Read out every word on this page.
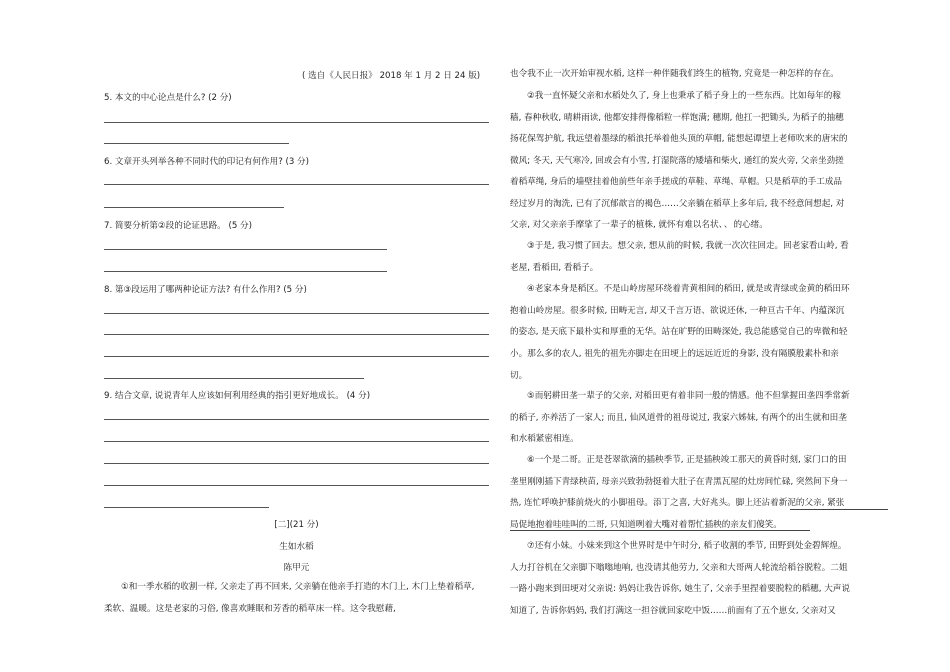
( 选自《人民日报》 2018 年 1 月 2 日 24 版)
5. 本文的中心论点是什么? (2 分)
6. 文章开头列举各种不同时代的印记有何作用? (3 分)
7. 简要分析第②段的论证思路。 (5 分)
8. 第③段运用了哪两种论证方法? 有什么作用? (5 分)
9. 结合文章, 说说青年人应该如何利用经典的指引更好地成长。 (4 分)
[二](21 分)
生如水稻
陈甲元
①和一季水稻的收割一样, 父亲走了再不回来, 父亲躺在他亲手打造的木门上, 木门上垫着稻草, 柔软、温暖。这是老家的习俗, 像喜欢睡眠和芳香的稻草床一样。这令我慰藉,
也令我不止一次开始审视水稻, 这样一种伴随我们终生的植物, 究竟是一种怎样的存在。
②我一直怀疑父亲和水稻处久了, 身上也秉承了稻子身上的一些东西。比如每年的稼穑, 春种秋收, 晴耕雨读, 他都安排得像稻粒一样饱满; 穗期, 他扛一把锄头, 为稻子的抽穗扬花保驾护航, 我远望着墨绿的稻浪托举着他头顶的草帽, 能想起谭望上老师吹来的唐宋的微风; 冬天, 天气寒冷, 回或会有小雪, 打湿院落的矮墙和柴火, 通红的炭火旁, 父亲坐劲搓着稻草绳, 身后的墙壁挂着他前些年亲手搓成的草鞋、草绳、草帽。只是稻草的手工成品经过岁月的淘洗, 已有了沉郁歆言的褐色……父亲躺在稻草上多年后, 我不经意间想起, 对父亲, 对父亲亲手摩挲了一辈子的植株, 就怀有难以名状、、的心绪。
③于是, 我习惯了回去。想父亲, 想从前的时候, 我就一次次往回走。回老家看山岭, 看老屋, 看稻田, 看稻子。
④老家本身是稻区。不是山岭房屋环绕着青黄相间的稻田, 就是或青绿或金黄的稻田环抱着山岭房屋。很多时候, 田畴无言, 却又千言万语、欲说还休, 一种亘古千年、内蕴深沉的姿态, 是天底下最朴实和厚重的无华。站在旷野的田畴深处, 我总能感觉自己的卑微和轻小。那么多的农人, 祖先的祖先亦脚走在田埂上的远远近近的身影, 没有隔膜般素朴和亲切。
⑤而躬耕田垄一辈子的父亲, 对稻田更有着非同一般的情感。他不但掌握田垄四季常新的稻子, 亦养活了一家人; 而且, 仙风道骨的祖母说过, 我家六姊妹, 有两个的出生就和田垄和水稻紧密相连。
⑥一个是二哥。正是苍翠欲滴的插秧季节, 正是插秧竣工那天的黄昏时刻, 家门口的田垄里刚刚插下青绿秧苗, 母亲兴致勃勃挺着大肚子在青黑瓦屋的灶房间忙碌, 突然间下身一热, 连忙呼唤护膝前烧火的小脚祖母。添丁之喜, 大好兆头。脚上还沾着新泥的父亲, 紧张局促地抱着哇哇叫的二哥, 只知道咧着大嘴对着帮忙插秧的亲友们傻笑。
⑦还有小妹。小妹来到这个世界时是中午时分, 稻子收割的季节, 田野到处金碧辉煌。人力打谷机在父亲脚下嗡嗡地响, 也没请其他劳力, 父亲和大哥两人轮流给稻谷脱粒。二姐一路小跑来到田埂对父亲说: 妈妈让我告诉你, 她生了, 父亲手里捏着要脱粒的稻穗, 大声说知道了, 告诉你妈妈, 我们打满这一担谷就回家吃中饭……前面有了五个崽女, 父亲对又
